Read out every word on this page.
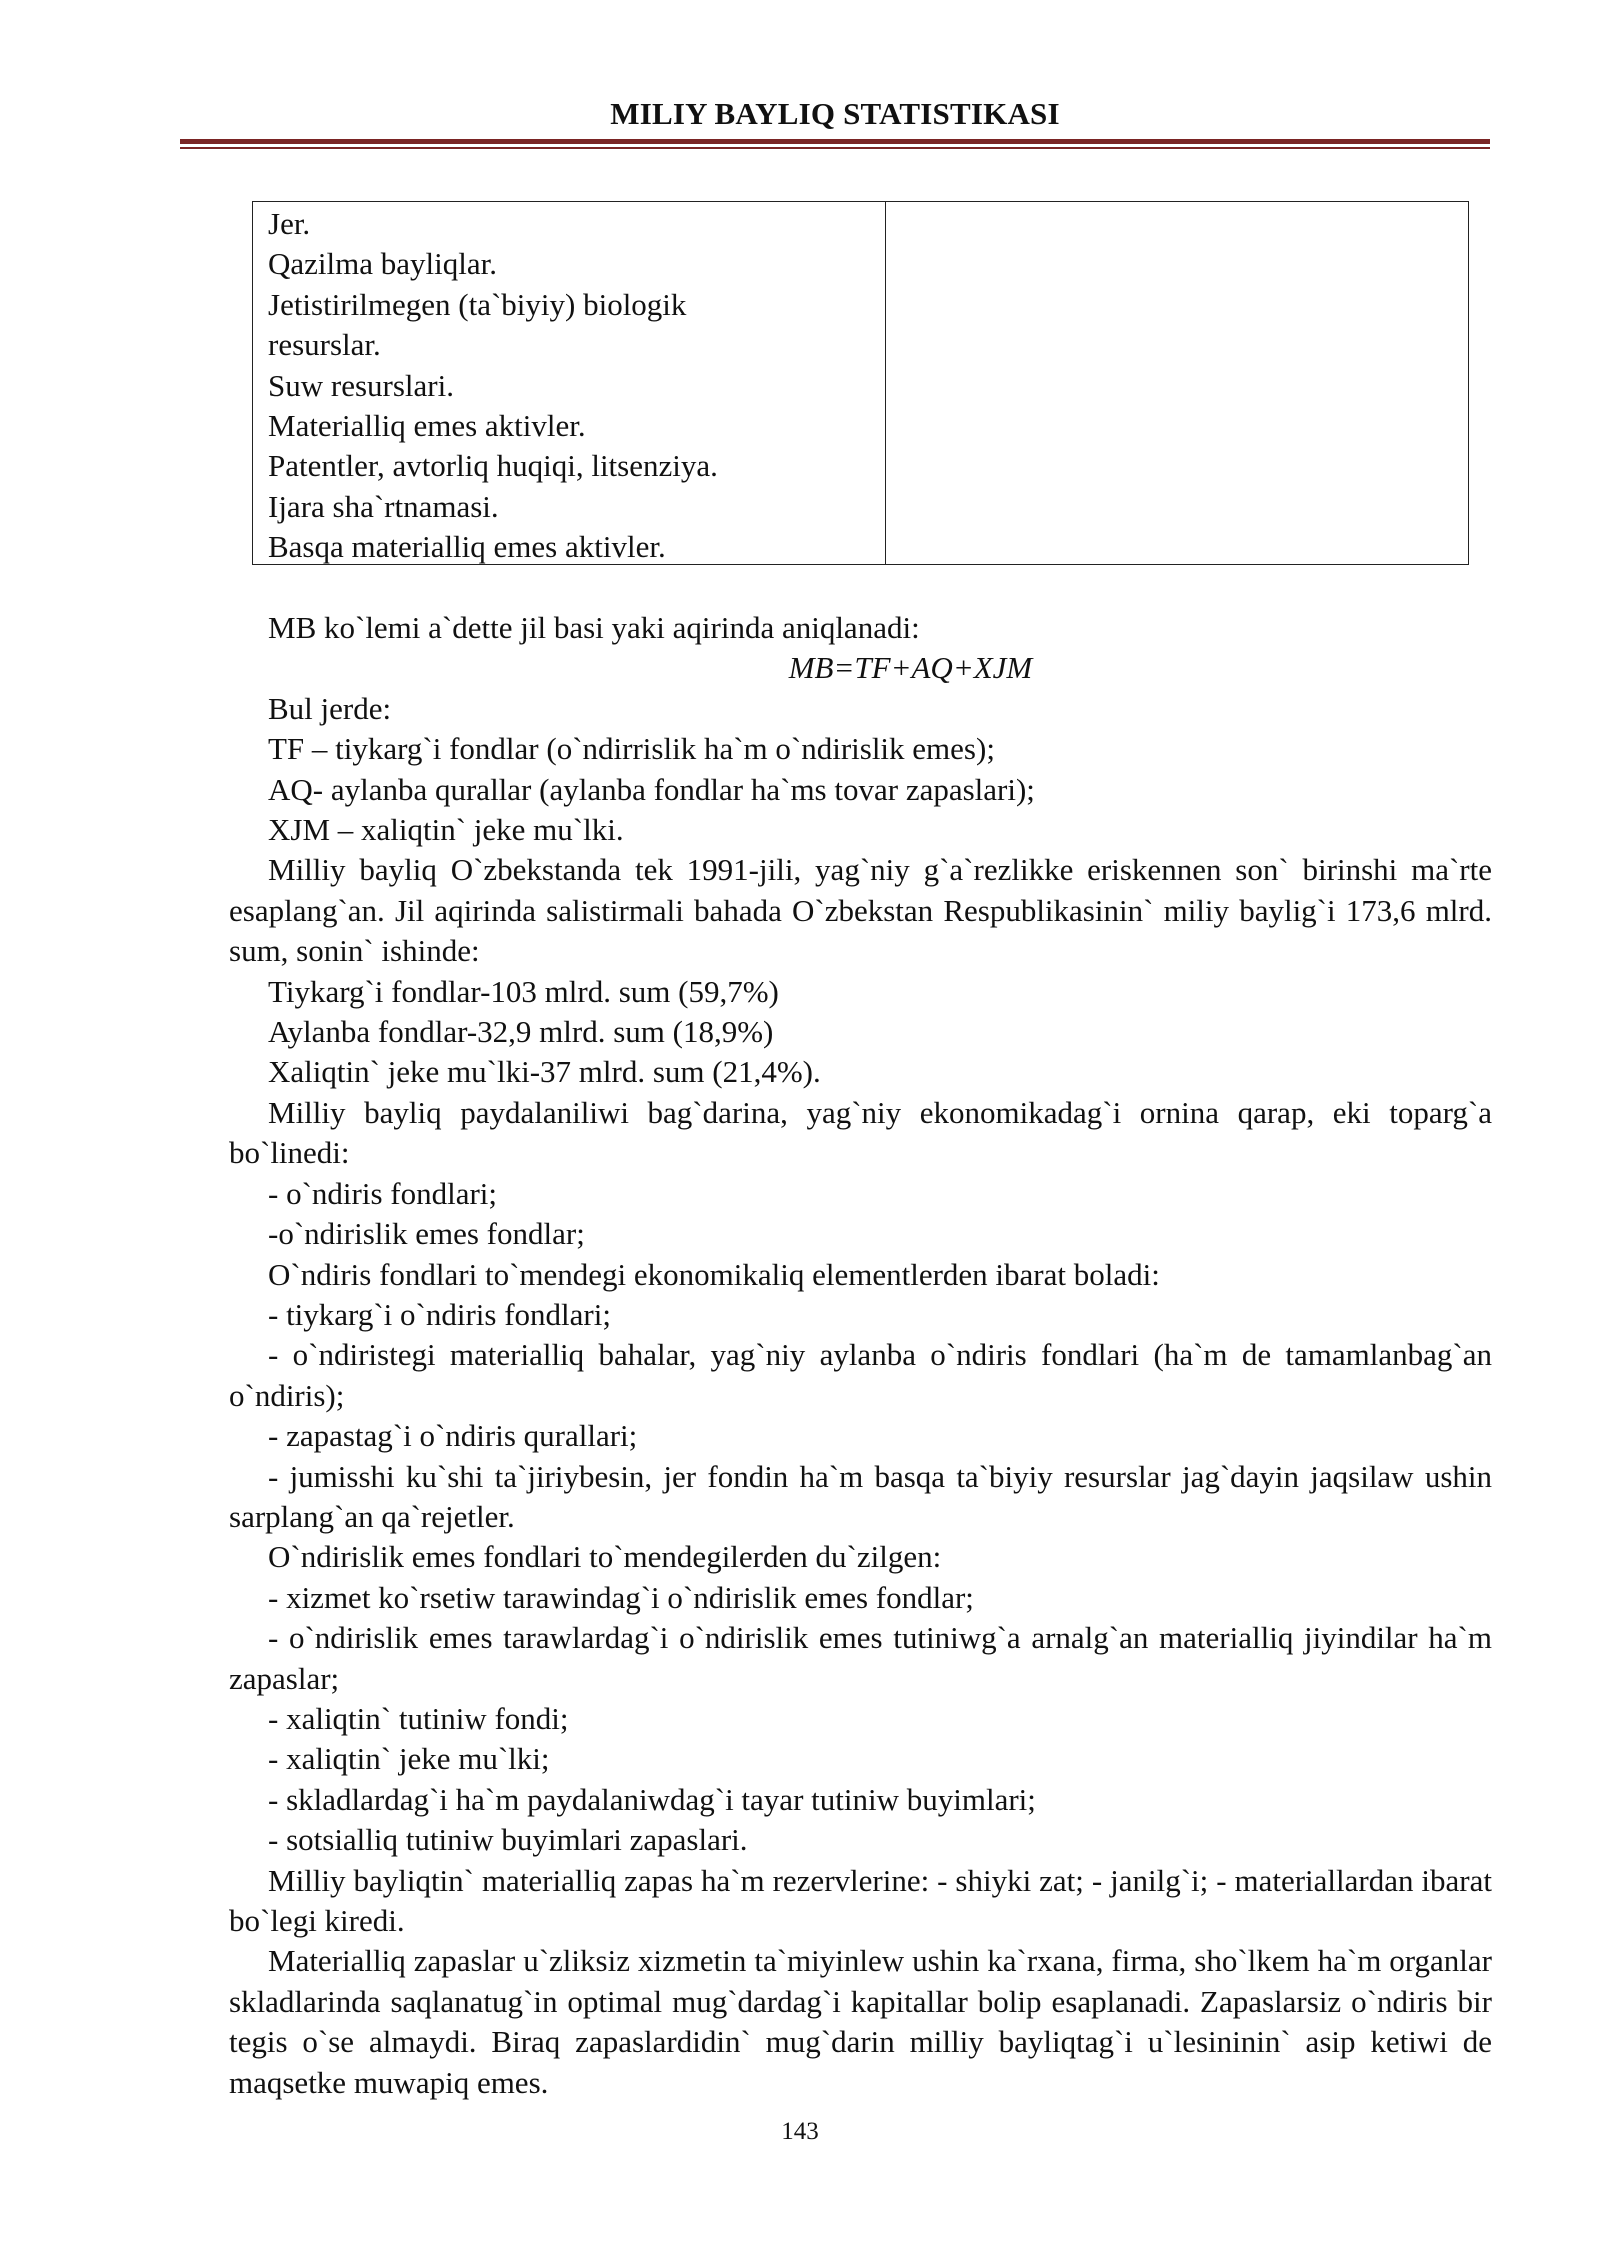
MILIY BAYLIQ STATISTIKASI
Jer.
Qazilma bayliqlar.
Jetistirilmegen (ta`biyiy) biologik
resurslar.
Suw resurslari.
Materialliq emes aktivler.
Patentler, avtorliq huqiqi, litsenziya.
Ijara sha`rtnamasi.
Basqa materialliq emes aktivler.

MB ko`lemi a`dette jil basi yaki aqirinda aniqlanadi:

MB=TF+AQ+XJM

Bul jerde:

TF – tiykarg`i fondlar (o`ndirrislik ha`m o`ndirislik emes);

AQ- aylanba qurallar (aylanba fondlar ha`ms tovar zapaslari);

XJM – xaliqtin` jeke mu`lki.

Milliy bayliq O`zbekstanda tek 1991-jili, yag`niy g`a`rezlikke eriskennen son` birinshi ma`rte esaplang`an. Jil aqirinda salistirmali bahada O`zbekstan Respublikasinin` miliy baylig`i 173,6 mlrd. sum, sonin` ishinde:

Tiykarg`i fondlar-103 mlrd. sum (59,7%)

Aylanba fondlar-32,9 mlrd. sum (18,9%)

Xaliqtin` jeke mu`lki-37 mlrd. sum (21,4%).

Milliy bayliq paydalaniliwi bag`darina, yag`niy ekonomikadag`i ornina qarap, eki toparg`a bo`linedi:

- o`ndiris fondlari;

-o`ndirislik emes fondlar;

O`ndiris fondlari to`mendegi ekonomikaliq elementlerden ibarat boladi:

- tiykarg`i o`ndiris fondlari;

- o`ndiristegi materialliq bahalar, yag`niy aylanba o`ndiris fondlari (ha`m de tamamlanbag`an o`ndiris);

- zapastag`i o`ndiris qurallari;

- jumisshi ku`shi ta`jiriybesin, jer fondin ha`m basqa ta`biyiy resurslar jag`dayin jaqsilaw ushin sarplang`an qa`rejetler.

O`ndirislik emes fondlari to`mendegilerden du`zilgen:

- xizmet ko`rsetiw tarawindag`i o`ndirislik emes fondlar;

- o`ndirislik emes tarawlardag`i o`ndirislik emes tutiniwg`a arnalg`an materialliq jiyindilar ha`m zapaslar;

- xaliqtin` tutiniw fondi;

- xaliqtin` jeke mu`lki;

- skladlardag`i ha`m paydalaniwdag`i tayar tutiniw buyimlari;

- sotsialliq tutiniw buyimlari zapaslari.

Milliy bayliqtin` materialliq zapas ha`m rezervlerine: - shiyki zat; - janilg`i; - materiallardan ibarat bo`legi kiredi.

Materialliq zapaslar u`zliksiz xizmetin ta`miyinlew ushin ka`rxana, firma, sho`lkem ha`m organlar skladlarinda saqlanatug`in optimal mug`dardag`i kapitallar bolip esaplanadi. Zapaslarsiz o`ndiris bir tegis o`se almaydi. Biraq zapaslardidin` mug`darin milliy bayliqtag`i u`lesininin` asip ketiwi de maqsetke muwapiq emes.

143
